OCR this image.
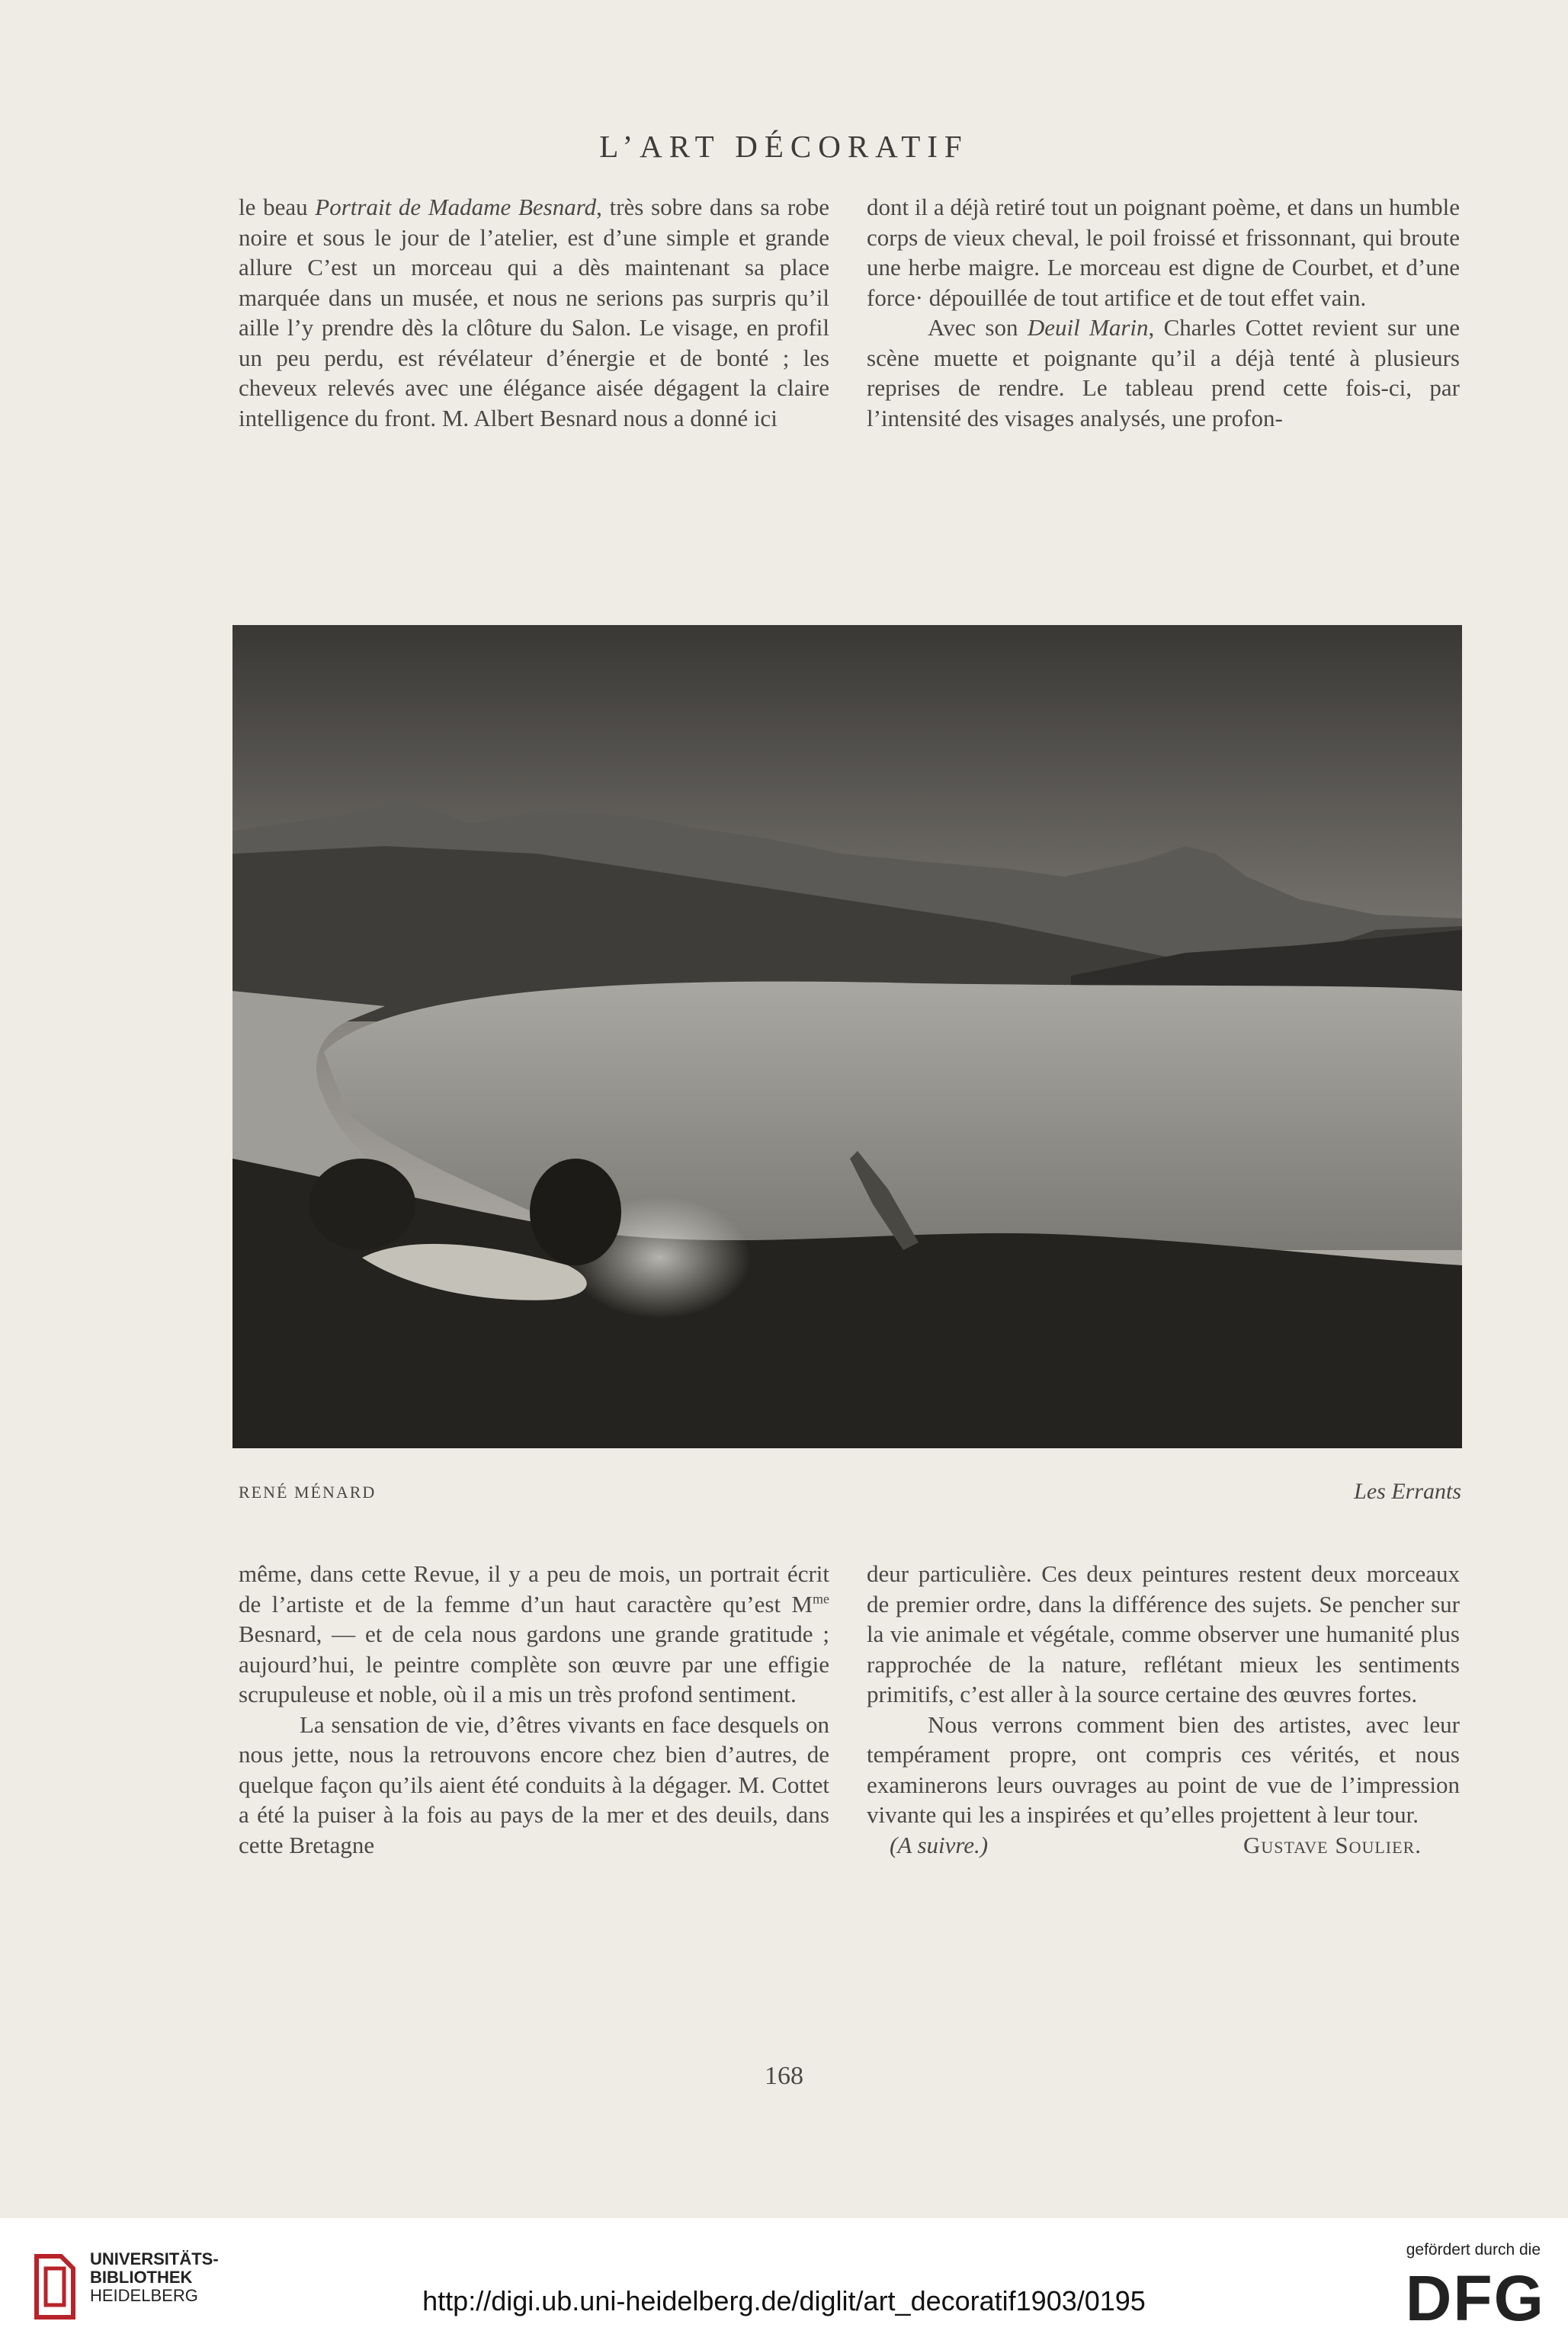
L’ART DÉCORATIF

le beau Portrait de Madame Besnard, très sobre dans sa robe noire et sous le jour de l’atelier, est d’une simple et grande allure C’est un morceau qui a dès maintenant sa place marquée dans un musée, et nous ne serions pas surpris qu’il aille l’y prendre dès la clôture du Salon. Le visage, en profil un peu perdu, est révélateur d’énergie et de bonté ; les cheveux relevés avec une élégance aisée dégagent la claire intelligence du front. M. Albert Besnard nous a donné ici

dont il a déjà retiré tout un poignant poème, et dans un humble corps de vieux cheval, le poil froissé et frissonnant, qui broute une herbe maigre. Le morceau est digne de Courbet, et d’une force· dépouillée de tout artifice et de tout effet vain.

Avec son Deuil Marin, Charles Cottet revient sur une scène muette et poignante qu’il a déjà tenté à plusieurs reprises de rendre. Le tableau prend cette fois-ci, par l’intensité des visages analysés, une profon-

RENÉ MÉNARD	Les Errants

même, dans cette Revue, il y a peu de mois, un portrait écrit de l’artiste et de la femme d’un haut caractère qu’est $M^{me}$ Besnard, — et de cela nous gardons une grande gratitude ; aujourd’hui, le peintre complète son œuvre par une effigie scrupuleuse et noble, où il a mis un très profond sentiment.

La sensation de vie, d’êtres vivants en face desquels on nous jette, nous la retrouvons encore chez bien d’autres, de quelque façon qu’ils aient été conduits à la dégager. M. Cottet a été la puiser à la fois au pays de la mer et des deuils, dans cette Bretagne

deur particulière. Ces deux peintures restent deux morceaux de premier ordre, dans la différence des sujets. Se pencher sur la vie animale et végétale, comme observer une humanité plus rapprochée de la nature, reflétant mieux les sentiments primitifs, c’est aller à la source certaine des œuvres fortes.

Nous verrons comment bien des artistes, avec leur tempérament propre, ont compris ces vérités, et nous examinerons leurs ouvrages au point de vue de l’impression vivante qui les a inspirées et qu’elles projettent à leur tour.

(A suivre.)	Gustave Soulier.

168
UNIVERSITÄTS-
BIBLIOTHEK
HEIDELBERG	http://digi.ub.uni-heidelberg.de/diglit/art_decoratif1903/0195
gefördert durch die
DFG
